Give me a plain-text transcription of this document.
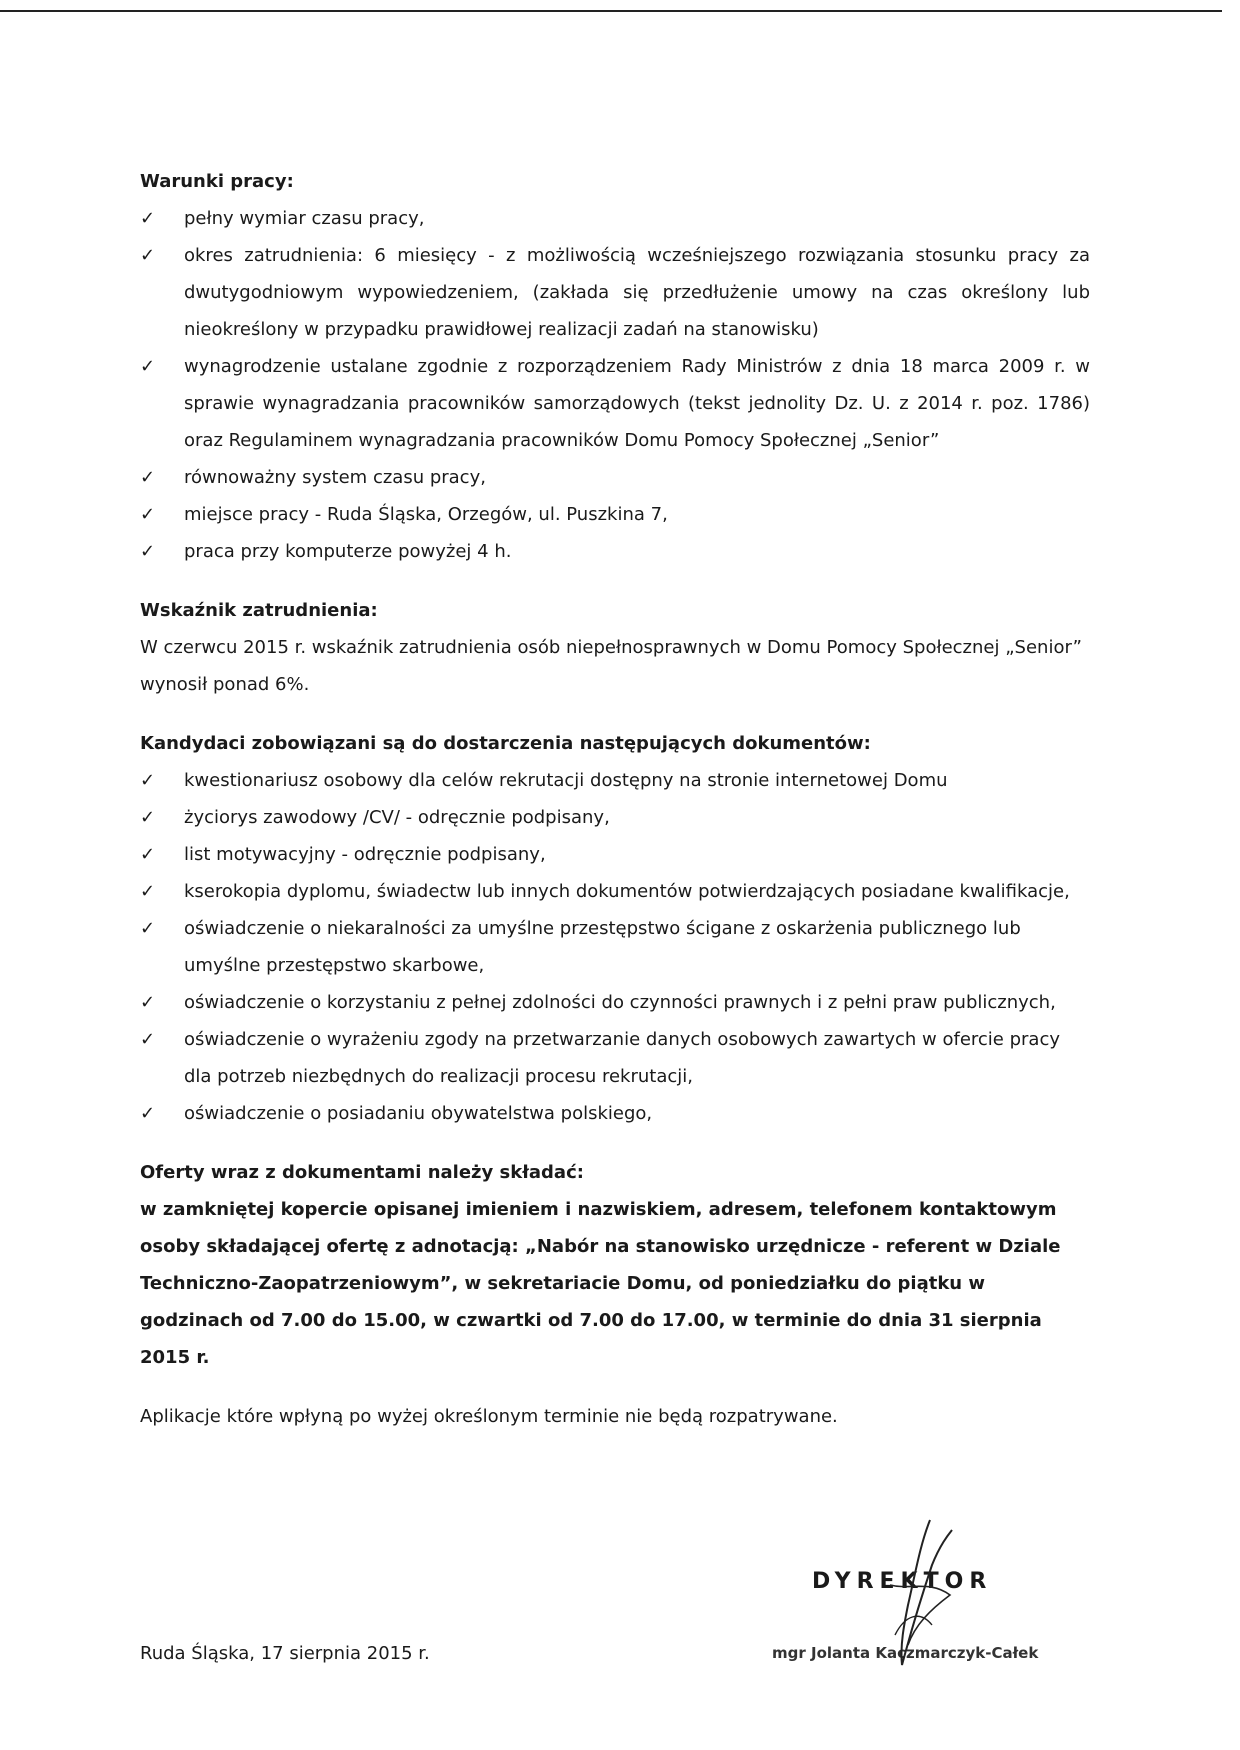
Warunki pracy:
✓	pełny wymiar czasu pracy,
✓	okres zatrudnienia: 6 miesięcy - z możliwością wcześniejszego rozwiązania stosunku pracy za dwutygodniowym wypowiedzeniem, (zakłada się przedłużenie umowy na czas określony lub nieokreślony w przypadku prawidłowej realizacji zadań na stanowisku)
✓	wynagrodzenie ustalane zgodnie z rozporządzeniem Rady Ministrów z dnia 18 marca 2009 r. w sprawie wynagradzania pracowników samorządowych (tekst jednolity Dz. U. z 2014 r. poz. 1786) oraz Regulaminem wynagradzania pracowników Domu Pomocy Społecznej „Senior”
✓	równoważny system czasu pracy,
✓	miejsce pracy - Ruda Śląska, Orzegów, ul. Puszkina 7,
✓	praca przy komputerze powyżej 4 h.
Wskaźnik zatrudnienia:

W czerwcu 2015 r. wskaźnik zatrudnienia osób niepełnosprawnych w Domu Pomocy Społecznej „Senior” wynosił ponad 6%.

Kandydaci zobowiązani są do dostarczenia następujących dokumentów:
✓	kwestionariusz osobowy dla celów rekrutacji dostępny na stronie internetowej Domu
✓	życiorys zawodowy /CV/ - odręcznie podpisany,
✓	list motywacyjny - odręcznie podpisany,
✓	kserokopia dyplomu, świadectw lub innych dokumentów potwierdzających posiadane kwalifikacje,
✓	oświadczenie o niekaralności za umyślne przestępstwo ścigane z oskarżenia publicznego lub umyślne przestępstwo skarbowe,
✓	oświadczenie o korzystaniu z pełnej zdolności do czynności prawnych i z pełni praw publicznych,
✓	oświadczenie o wyrażeniu zgody na przetwarzanie danych osobowych zawartych w ofercie pracy dla potrzeb niezbędnych do realizacji procesu rekrutacji,
✓	oświadczenie o posiadaniu obywatelstwa polskiego,
Oferty wraz z dokumentami należy składać:

w zamkniętej kopercie opisanej imieniem i nazwiskiem, adresem, telefonem kontaktowym osoby składającej ofertę z adnotacją: „Nabór na stanowisko urzędnicze - referent w Dziale Techniczno-Zaopatrzeniowym”, w sekretariacie Domu, od poniedziałku do piątku w godzinach od 7.00 do 15.00, w czwartki od 7.00 do 17.00, w terminie do dnia 31 sierpnia 2015 r.

Aplikacje które wpłyną po wyżej określonym terminie nie będą rozpatrywane.

Ruda Śląska, 17 sierpnia 2015 r.
DYREKTOR
mgr Jolanta Kaczmarczyk-Całek
